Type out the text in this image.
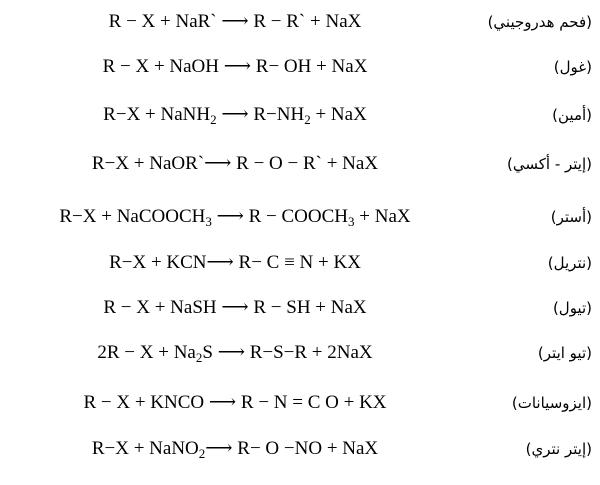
R − X + NaR` ⟶ R − R` + NaX	(فحم هدروجيني)
R − X + NaOH ⟶ R− OH + NaX	(غول)
R−X + NaNH$_2$ ⟶ $R-NH_2$ + NaX	(أمين)
R−X + NaOR`⟶ R − O − R` + NaX	(إيتر - أكسي)
R−X + NaCOOCH$_3$ ⟶ $R - COOCH_3$ + NaX	(أستر)
R−X + KCN⟶ R− C ≡ N + KX	(نتريل)
R − X + NaSH ⟶ R − SH + NaX	(تيول)
$2R - X + Na_2S$ ⟶ R−S−R + 2NaX	(تيو ايتر)
R − X + KNCO ⟶ R − N = C O + KX	(ايزوسيانات)
R−X + NaNO$_2$⟶ R− O −NO + NaX	(إيتر نتري)
